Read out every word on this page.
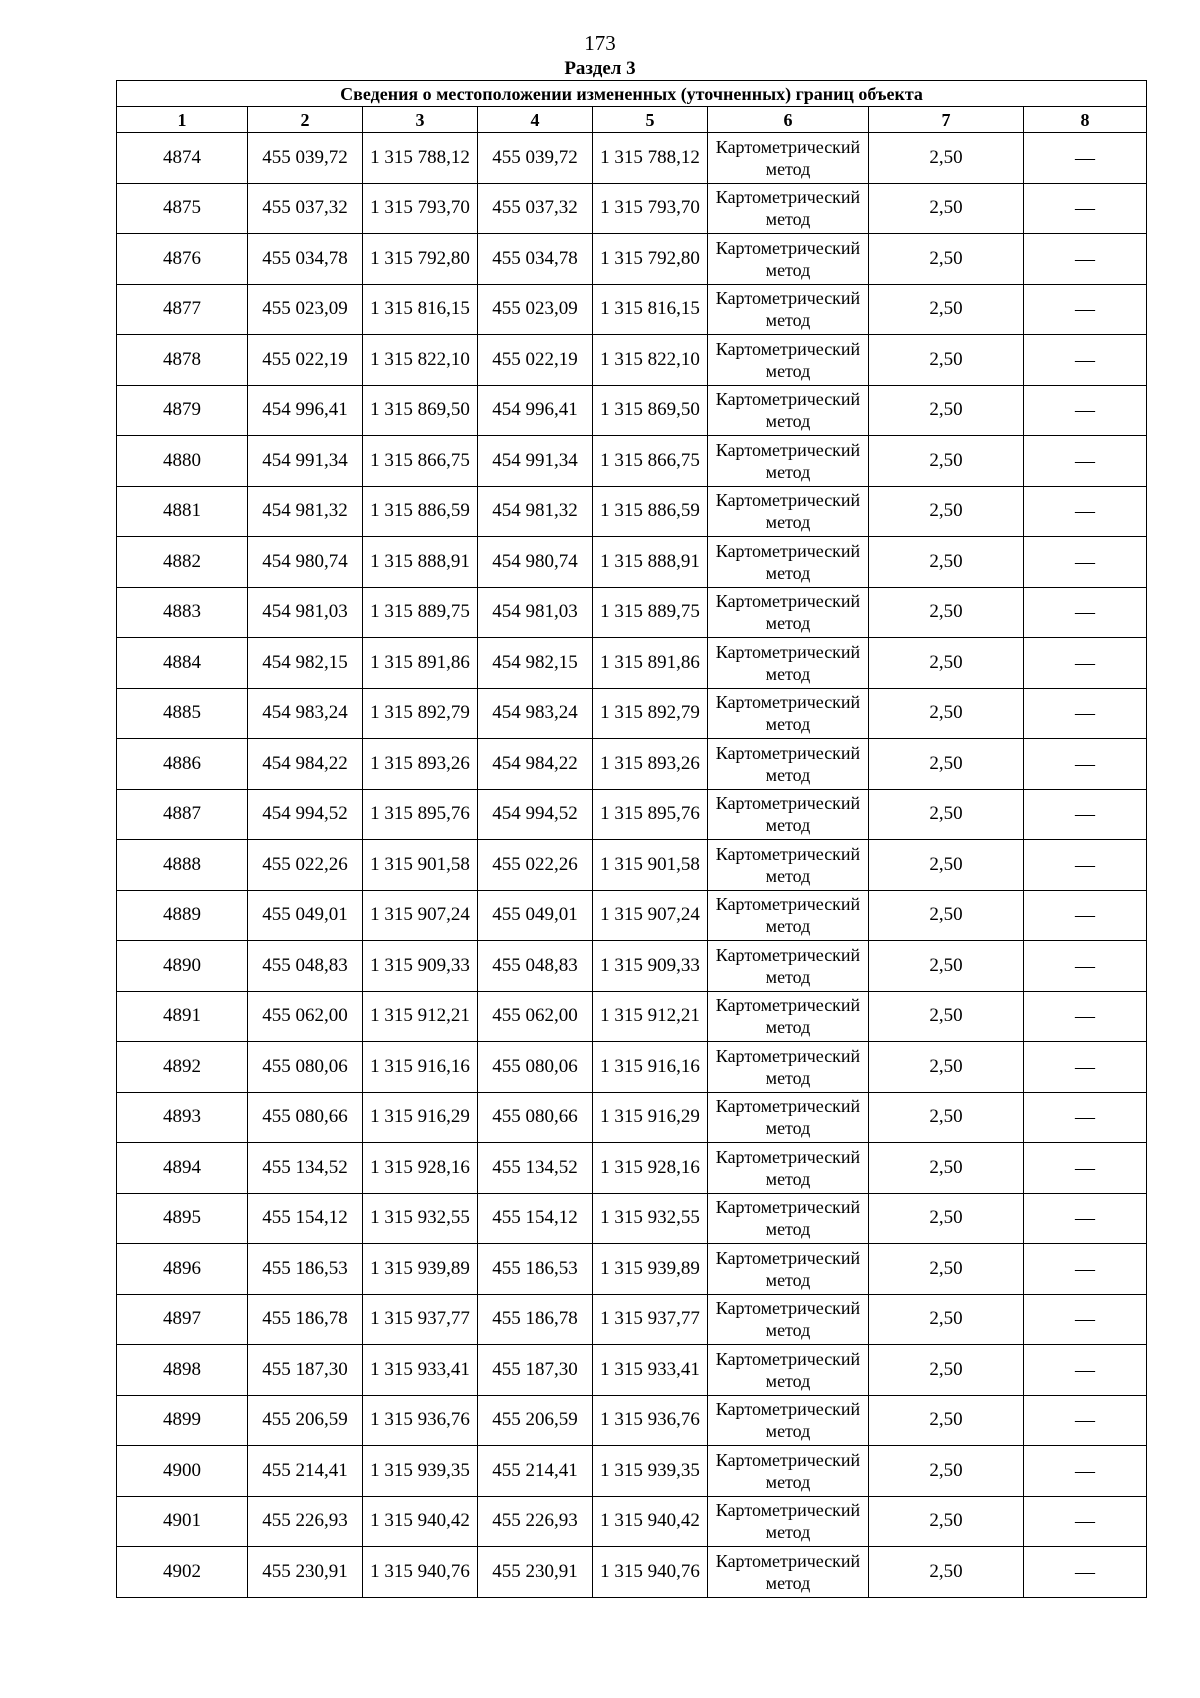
173
Раздел 3
Сведения о местоположении измененных (уточненных) границ объекта							
1	2	3	4	5	6	7	8
4874	455 039,72	1 315 788,12	455 039,72	1 315 788,12	Картометрический метод	2,50	—
4875	455 037,32	1 315 793,70	455 037,32	1 315 793,70	Картометрический метод	2,50	—
4876	455 034,78	1 315 792,80	455 034,78	1 315 792,80	Картометрический метод	2,50	—
4877	455 023,09	1 315 816,15	455 023,09	1 315 816,15	Картометрический метод	2,50	—
4878	455 022,19	1 315 822,10	455 022,19	1 315 822,10	Картометрический метод	2,50	—
4879	454 996,41	1 315 869,50	454 996,41	1 315 869,50	Картометрический метод	2,50	—
4880	454 991,34	1 315 866,75	454 991,34	1 315 866,75	Картометрический метод	2,50	—
4881	454 981,32	1 315 886,59	454 981,32	1 315 886,59	Картометрический метод	2,50	—
4882	454 980,74	1 315 888,91	454 980,74	1 315 888,91	Картометрический метод	2,50	—
4883	454 981,03	1 315 889,75	454 981,03	1 315 889,75	Картометрический метод	2,50	—
4884	454 982,15	1 315 891,86	454 982,15	1 315 891,86	Картометрический метод	2,50	—
4885	454 983,24	1 315 892,79	454 983,24	1 315 892,79	Картометрический метод	2,50	—
4886	454 984,22	1 315 893,26	454 984,22	1 315 893,26	Картометрический метод	2,50	—
4887	454 994,52	1 315 895,76	454 994,52	1 315 895,76	Картометрический метод	2,50	—
4888	455 022,26	1 315 901,58	455 022,26	1 315 901,58	Картометрический метод	2,50	—
4889	455 049,01	1 315 907,24	455 049,01	1 315 907,24	Картометрический метод	2,50	—
4890	455 048,83	1 315 909,33	455 048,83	1 315 909,33	Картометрический метод	2,50	—
4891	455 062,00	1 315 912,21	455 062,00	1 315 912,21	Картометрический метод	2,50	—
4892	455 080,06	1 315 916,16	455 080,06	1 315 916,16	Картометрический метод	2,50	—
4893	455 080,66	1 315 916,29	455 080,66	1 315 916,29	Картометрический метод	2,50	—
4894	455 134,52	1 315 928,16	455 134,52	1 315 928,16	Картометрический метод	2,50	—
4895	455 154,12	1 315 932,55	455 154,12	1 315 932,55	Картометрический метод	2,50	—
4896	455 186,53	1 315 939,89	455 186,53	1 315 939,89	Картометрический метод	2,50	—
4897	455 186,78	1 315 937,77	455 186,78	1 315 937,77	Картометрический метод	2,50	—
4898	455 187,30	1 315 933,41	455 187,30	1 315 933,41	Картометрический метод	2,50	—
4899	455 206,59	1 315 936,76	455 206,59	1 315 936,76	Картометрический метод	2,50	—
4900	455 214,41	1 315 939,35	455 214,41	1 315 939,35	Картометрический метод	2,50	—
4901	455 226,93	1 315 940,42	455 226,93	1 315 940,42	Картометрический метод	2,50	—
4902	455 230,91	1 315 940,76	455 230,91	1 315 940,76	Картометрический метод	2,50	—
